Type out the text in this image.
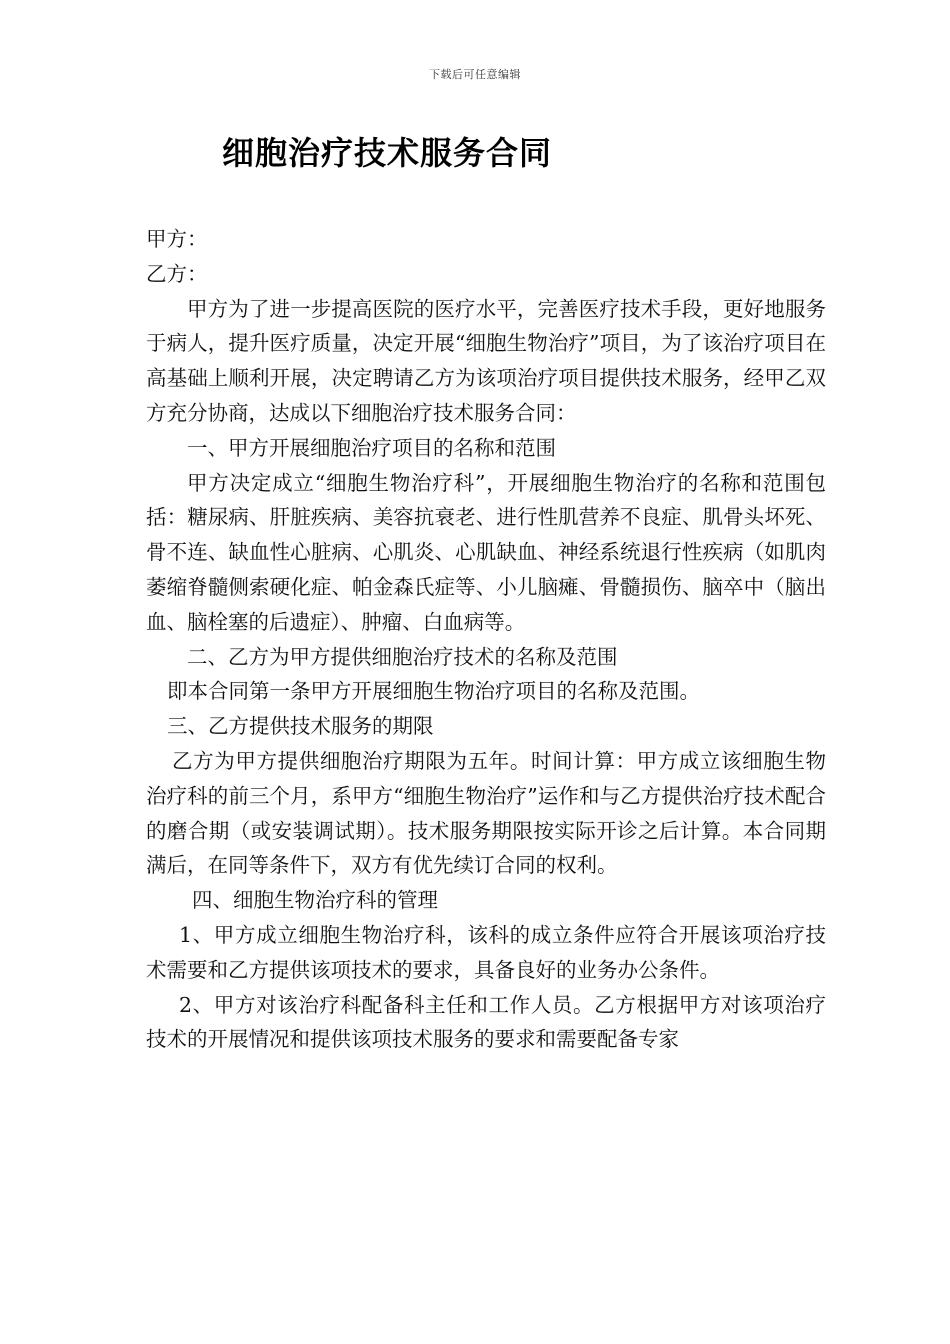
下载后可任意编辑
细胞治疗技术服务合同

甲方：

乙方：

甲方为了进一步提高医院的医疗水平，完善医疗技术手段，更好地服务于病人，提升医疗质量，决定开展“细胞生物治疗”项目，为了该治疗项目在高基础上顺利开展，决定聘请乙方为该项治疗项目提供技术服务，经甲乙双方充分协商，达成以下细胞治疗技术服务合同：

一、甲方开展细胞治疗项目的名称和范围

甲方决定成立“细胞生物治疗科”，开展细胞生物治疗的名称和范围包括：糖尿病、肝脏疾病、美容抗衰老、进行性肌营养不良症、肌骨头坏死、骨不连、缺血性心脏病、心肌炎、心肌缺血、神经系统退行性疾病（如肌肉萎缩脊髓侧索硬化症、帕金森氏症等、小儿脑瘫、骨髓损伤、脑卒中（脑出血、脑栓塞的后遗症）、肿瘤、白血病等。

二、乙方为甲方提供细胞治疗技术的名称及范围

即本合同第一条甲方开展细胞生物治疗项目的名称及范围。

三、乙方提供技术服务的期限

乙方为甲方提供细胞治疗期限为五年。时间计算：甲方成立该细胞生物治疗科的前三个月，系甲方“细胞生物治疗”运作和与乙方提供治疗技术配合的磨合期（或安装调试期）。技术服务期限按实际开诊之后计算。本合同期满后，在同等条件下，双方有优先续订合同的权利。

四、细胞生物治疗科的管理

1、甲方成立细胞生物治疗科，该科的成立条件应符合开展该项治疗技术需要和乙方提供该项技术的要求，具备良好的业务办公条件。

2、甲方对该治疗科配备科主任和工作人员。乙方根据甲方对该项治疗技术的开展情况和提供该项技术服务的要求和需要配备专家
